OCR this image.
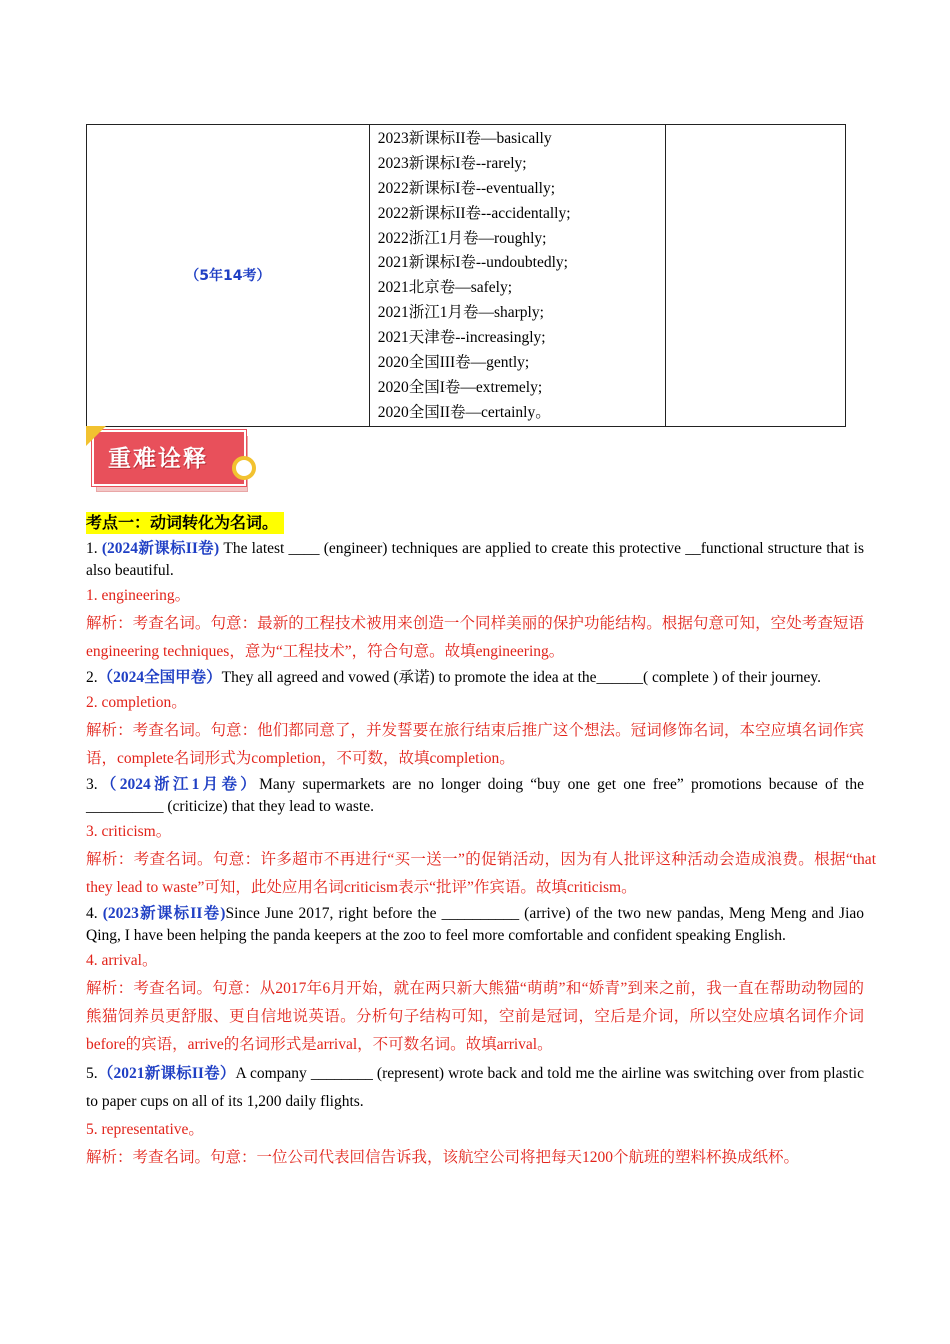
（5年14考）	
2023新课标II卷—basically
2023新课标I卷--rarely;
2022新课标I卷--eventually;
2022新课标II卷--accidentally;
2022浙江1月卷—roughly;
2021新课标I卷--undoubtedly;
2021北京卷—safely;
2021浙江1月卷—sharply;
2021天津卷--increasingly;
2020全国III卷—gently;
2020全国I卷—extremely;
2020全国II卷—certainly。

重难诠释
考点一：动词转化为名词。

1. (2024新课标II卷) The latest ____ (engineer) techniques are applied to create this protective __functional structure that is also beautiful.

1. engineering。

解析：考查名词。句意：最新的工程技术被用来创造一个同样美丽的保护功能结构。根据句意可知，空处考查短语engineering techniques，意为“工程技术”，符合句意。故填engineering。

2.（2024全国甲卷）They all agreed and vowed (承诺) to promote the idea at the______( complete ) of their journey.

2. completion。

解析：考查名词。句意：他们都同意了，并发誓要在旅行结束后推广这个想法。冠词修饰名词，本空应填名词作宾语，complete名词形式为completion，不可数，故填completion。

3.（2024浙江1月卷）Many supermarkets are no longer doing “buy one get one free” promotions because of the __________ (criticize) that they lead to waste.

3. criticism。

解析：考查名词。句意：许多超市不再进行“买一送一”的促销活动，因为有人批评这种活动会造成浪费。根据“that they lead to waste”可知，此处应用名词criticism表示“批评”作宾语。故填criticism。

4. (2023新课标II卷)Since June 2017, right before the __________ (arrive) of the two new pandas, Meng Meng and Jiao Qing, I have been helping the panda keepers at the zoo to feel more comfortable and confident speaking English.

4. arrival。

解析：考查名词。句意：从2017年6月开始，就在两只新大熊猫“萌萌”和“娇青”到来之前，我一直在帮助动物园的熊猫饲养员更舒服、更自信地说英语。分析句子结构可知，空前是冠词，空后是介词，所以空处应填名词作介词before的宾语，arrive的名词形式是arrival，不可数名词。故填arrival。

5.（2021新课标II卷）A company ________ (represent) wrote back and told me the airline was switching over from plastic to paper cups on all of its 1,200 daily flights.

5. representative。

解析：考查名词。句意：一位公司代表回信告诉我，该航空公司将把每天1200个航班的塑料杯换成纸杯。
